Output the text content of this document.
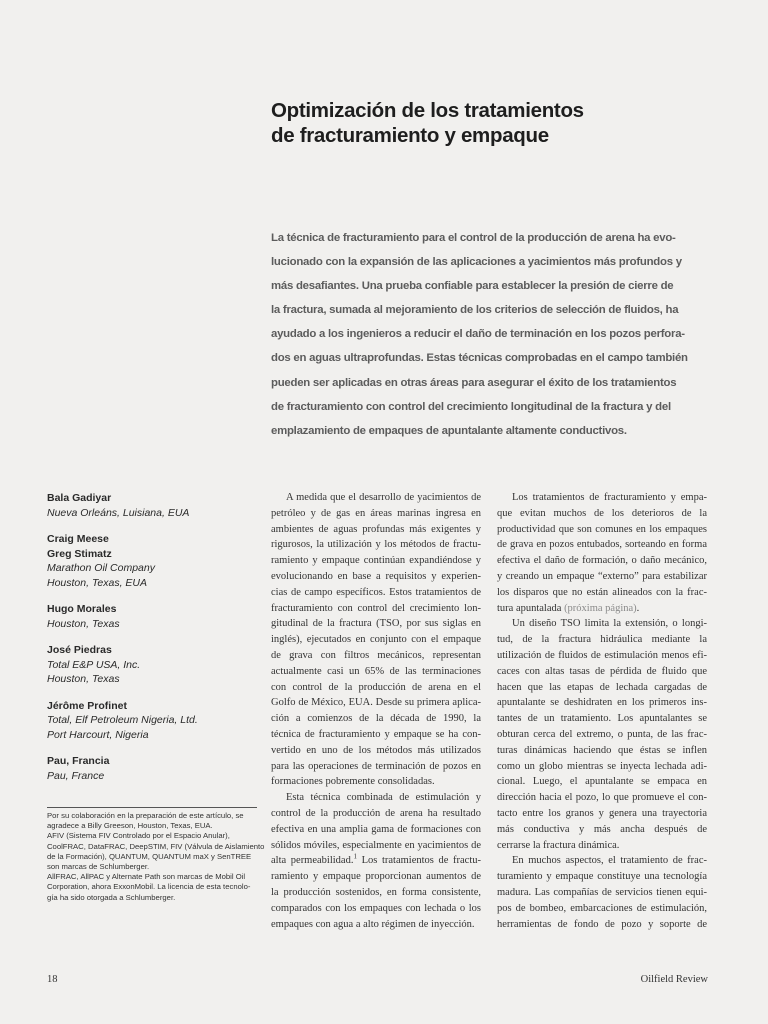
Optimización de los tratamientos
de fracturamiento y empaque
La técnica de fracturamiento para el control de la producción de arena ha evo-
lucionado con la expansión de las aplicaciones a yacimientos más profundos y
más desafiantes. Una prueba confiable para establecer la presión de cierre de
la fractura, sumada al mejoramiento de los criterios de selección de fluidos, ha
ayudado a los ingenieros a reducir el daño de terminación en los pozos perfora-
dos en aguas ultraprofundas. Estas técnicas comprobadas en el campo también
pueden ser aplicadas en otras áreas para asegurar el éxito de los tratamientos
de fracturamiento con control del crecimiento longitudinal de la fractura y del
emplazamiento de empaques de apuntalante altamente conductivos.
Bala Gadiyar
Nueva Orleáns, Luisiana, EUA
Craig Meese
Greg Stimatz
Marathon Oil Company
Houston, Texas, EUA
Hugo Morales
Houston, Texas
José Piedras
Total E&P USA, Inc.
Houston, Texas
Jérôme Profinet
Total, Elf Petroleum Nigeria, Ltd.
Port Harcourt, Nigeria
Pau, Francia
Pau, France
Por su colaboración en la preparación de este artículo, se
agradece a Billy Greeson, Houston, Texas, EUA.
AFIV (Sistema FIV Controlado por el Espacio Anular),
CoolFRAC, DataFRAC, DeepSTIM, FIV (Válvula de Aislamiento
de la Formación), QUANTUM, QUANTUM maX y SenTREE
son marcas de Schlumberger.
AllFRAC, AllPAC y Alternate Path son marcas de Mobil Oil
Corporation, ahora ExxonMobil. La licencia de esta tecnolo-
gía ha sido otorgada a Schlumberger.
A medida que el desarrollo de yacimientos de
petróleo y de gas en áreas marinas ingresa en
ambientes de aguas profundas más exigentes y
rigurosos, la utilización y los métodos de fractu-
ramiento y empaque continúan expandiéndose y
evolucionando en base a requisitos y experien-
cias de campo específicos. Estos tratamientos de
fracturamiento con control del crecimiento lon-
gitudinal de la fractura (TSO, por sus siglas en
inglés), ejecutados en conjunto con el empaque
de grava con filtros mecánicos, representan
actualmente casi un 65% de las terminaciones
con control de la producción de arena en el
Golfo de México, EUA. Desde su primera aplica-
ción a comienzos de la década de 1990, la
técnica de fracturamiento y empaque se ha con-
vertido en uno de los métodos más utilizados
para las operaciones de terminación de pozos en
formaciones pobremente consolidadas.
Esta técnica combinada de estimulación y
control de la producción de arena ha resultado
efectiva en una amplia gama de formaciones con
sólidos móviles, especialmente en yacimientos de
alta permeabilidad.$^1$ Los tratamientos de fractu-
ramiento y empaque proporcionan aumentos de
la producción sostenidos, en forma consistente,
comparados con los empaques con lechada o los
empaques con agua a alto régimen de inyección.
Los tratamientos de fracturamiento y empa-
que evitan muchos de los deterioros de la
productividad que son comunes en los empaques
de grava en pozos entubados, sorteando en forma
efectiva el daño de formación, o daño mecánico,
y creando un empaque “externo” para estabilizar
los disparos que no están alineados con la frac-
tura apuntalada (próxima página).
Un diseño TSO limita la extensión, o longi-
tud, de la fractura hidráulica mediante la
utilización de fluidos de estimulación menos efi-
caces con altas tasas de pérdida de fluido que
hacen que las etapas de lechada cargadas de
apuntalante se deshidraten en los primeros ins-
tantes de un tratamiento. Los apuntalantes se
obturan cerca del extremo, o punta, de las frac-
turas dinámicas haciendo que éstas se inflen
como un globo mientras se inyecta lechada adi-
cional. Luego, el apuntalante se empaca en
dirección hacia el pozo, lo que promueve el con-
tacto entre los granos y genera una trayectoria
más conductiva y más ancha después de
cerrarse la fractura dinámica.
En muchos aspectos, el tratamiento de frac-
turamiento y empaque constituye una tecnología
madura. Las compañías de servicios tienen equi-
pos de bombeo, embarcaciones de estimulación,
herramientas de fondo de pozo y soporte de
18	Oilfield Review
